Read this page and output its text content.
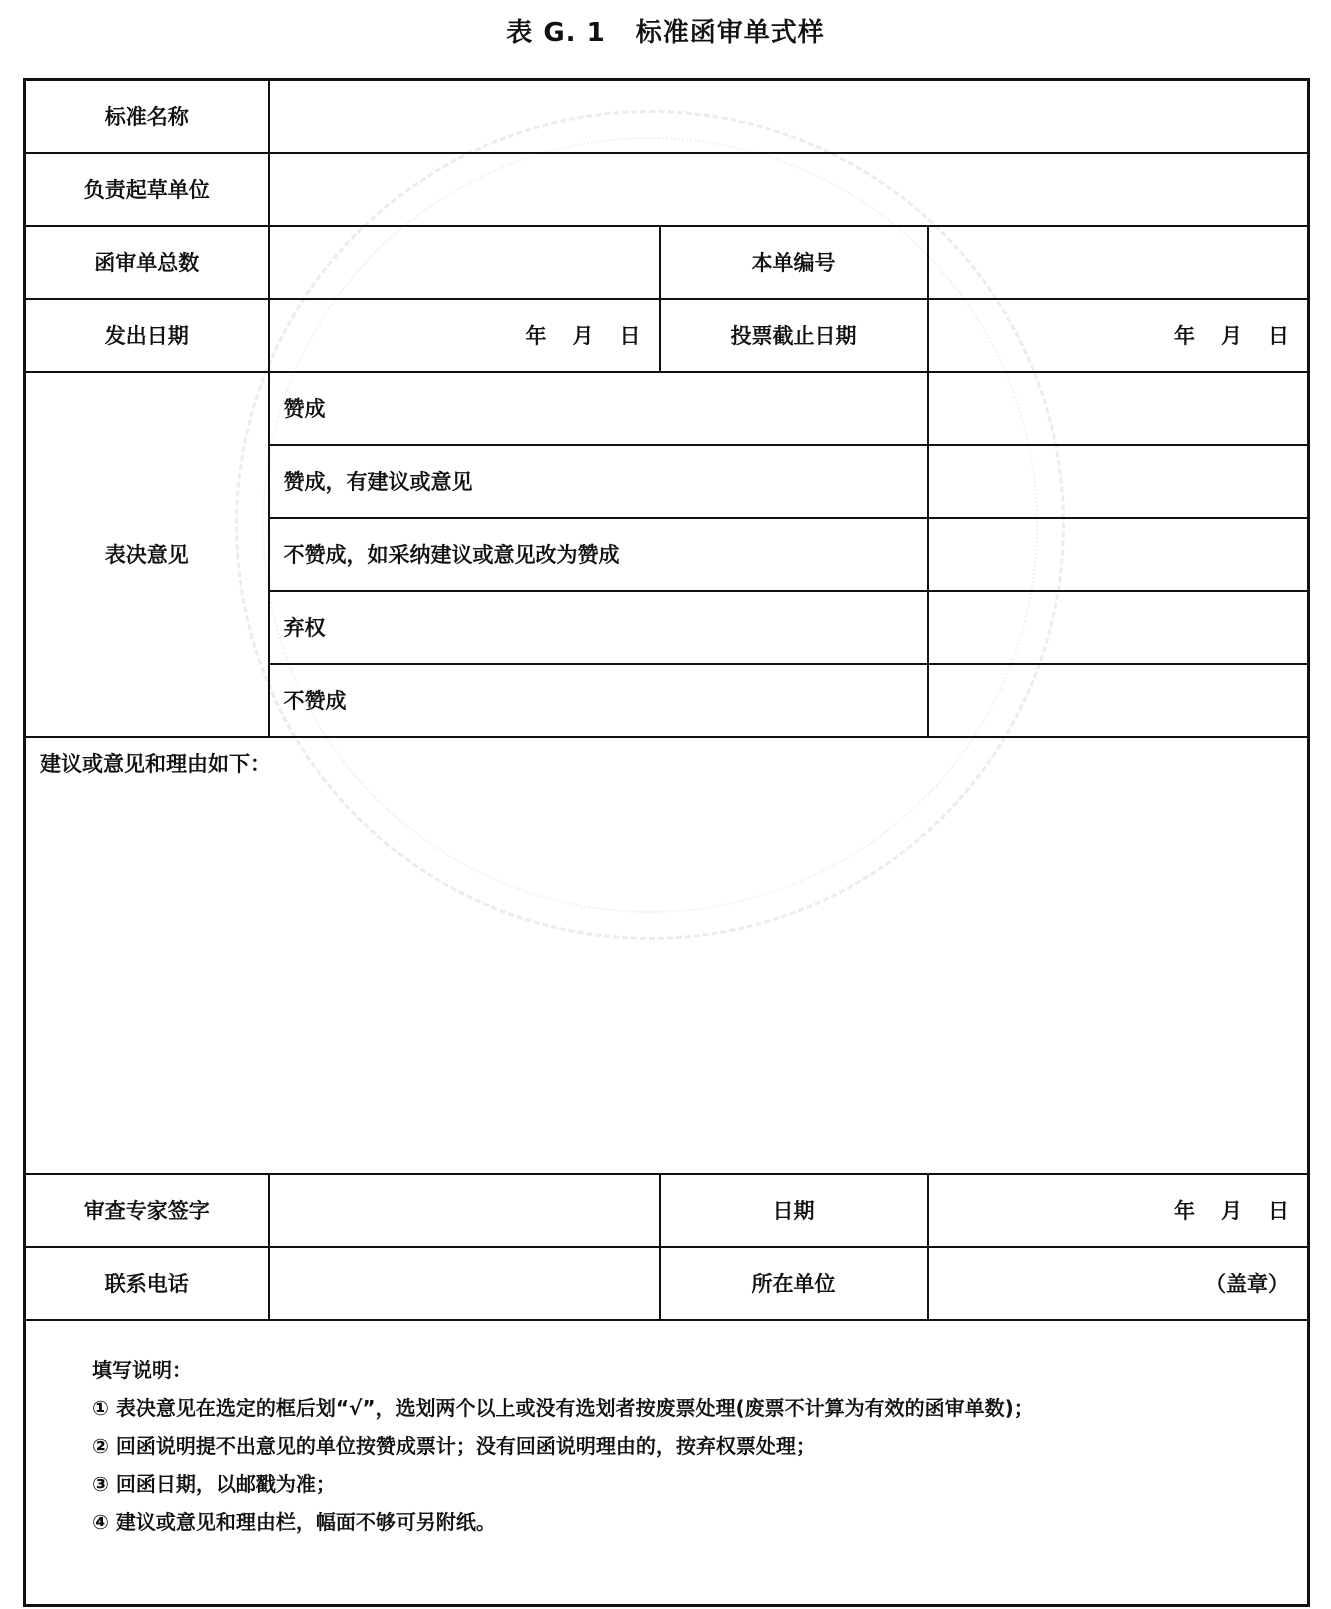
表 G. 1 标准函审单式样
标准名称			
负责起草单位			
函审单总数		本单编号	
发出日期	年 月 日	投票截止日期	年 月 日
表决意见	赞成		
	赞成，有建议或意见		
	不赞成，如采纳建议或意见改为赞成		
	弃权		
	不赞成		
建议或意见和理由如下：			
审查专家签字		日期	年 月 日
联系电话		所在单位	（盖章）

填写说明：
① 表决意见在选定的框后划“√”，选划两个以上或没有选划者按废票处理(废票不计算为有效的函审单数)；
② 回函说明提不出意见的单位按赞成票计；没有回函说明理由的，按弃权票处理；
③ 回函日期，以邮戳为准；
④ 建议或意见和理由栏，幅面不够可另附纸。			
